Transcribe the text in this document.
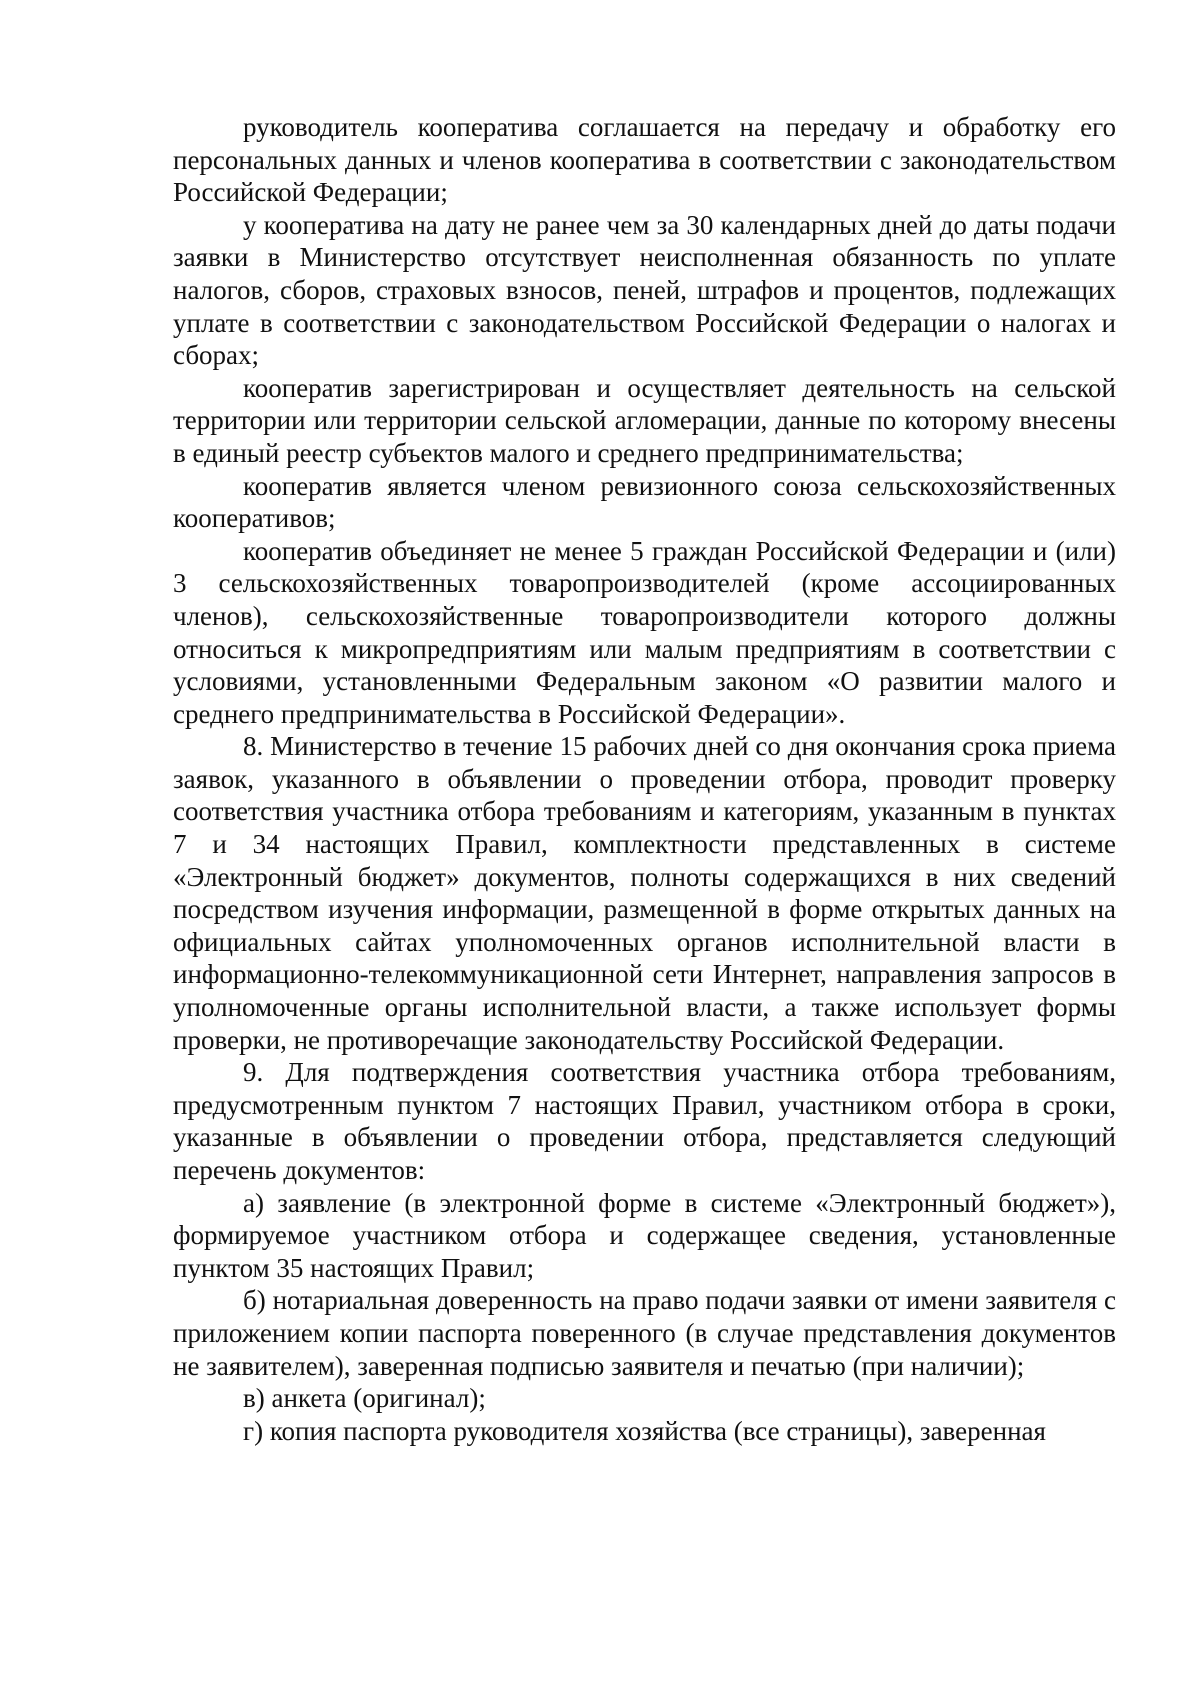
руководитель кооператива соглашается на передачу и обработку его персональных данных и членов кооператива в соответствии с законодательством Российской Федерации;

у кооператива на дату не ранее чем за 30 календарных дней до даты подачи заявки в Министерство отсутствует неисполненная обязанность по уплате налогов, сборов, страховых взносов, пеней, штрафов и процентов, подлежащих уплате в соответствии с законодательством Российской Федерации о налогах и сборах;

кооператив зарегистрирован и осуществляет деятельность на сельской территории или территории сельской агломерации, данные по которому внесены в единый реестр субъектов малого и среднего предпринимательства;

кооператив является членом ревизионного союза сельскохозяйственных кооперативов;

кооператив объединяет не менее 5 граждан Российской Федерации и (или) 3 сельскохозяйственных товаропроизводителей (кроме ассоциированных членов), сельскохозяйственные товаропроизводители которого должны относиться к микропредприятиям или малым предприятиям в соответствии с условиями, установленными Федеральным законом «О развитии малого и среднего предпринимательства в Российской Федерации».

8. Министерство в течение 15 рабочих дней со дня окончания срока приема заявок, указанного в объявлении о проведении отбора, проводит проверку соответствия участника отбора требованиям и категориям, указанным в пунктах 7 и 34 настоящих Правил, комплектности представленных в системе «Электронный бюджет» документов, полноты содержащихся в них сведений посредством изучения информации, размещенной в форме открытых данных на официальных сайтах уполномоченных органов исполнительной власти в информационно-телекоммуникационной сети Интернет, направления запросов в уполномоченные органы исполнительной власти, а также использует формы проверки, не противоречащие законодательству Российской Федерации.

9. Для подтверждения соответствия участника отбора требованиям, предусмотренным пунктом 7 настоящих Правил, участником отбора в сроки, указанные в объявлении о проведении отбора, представляется следующий перечень документов:

а) заявление (в электронной форме в системе «Электронный бюджет»), формируемое участником отбора и содержащее сведения, установленные пунктом 35 настоящих Правил;

б) нотариальная доверенность на право подачи заявки от имени заявителя с приложением копии паспорта поверенного (в случае представления документов не заявителем), заверенная подписью заявителя и печатью (при наличии);

в) анкета (оригинал);

г) копия паспорта руководителя хозяйства (все страницы), заверенная
